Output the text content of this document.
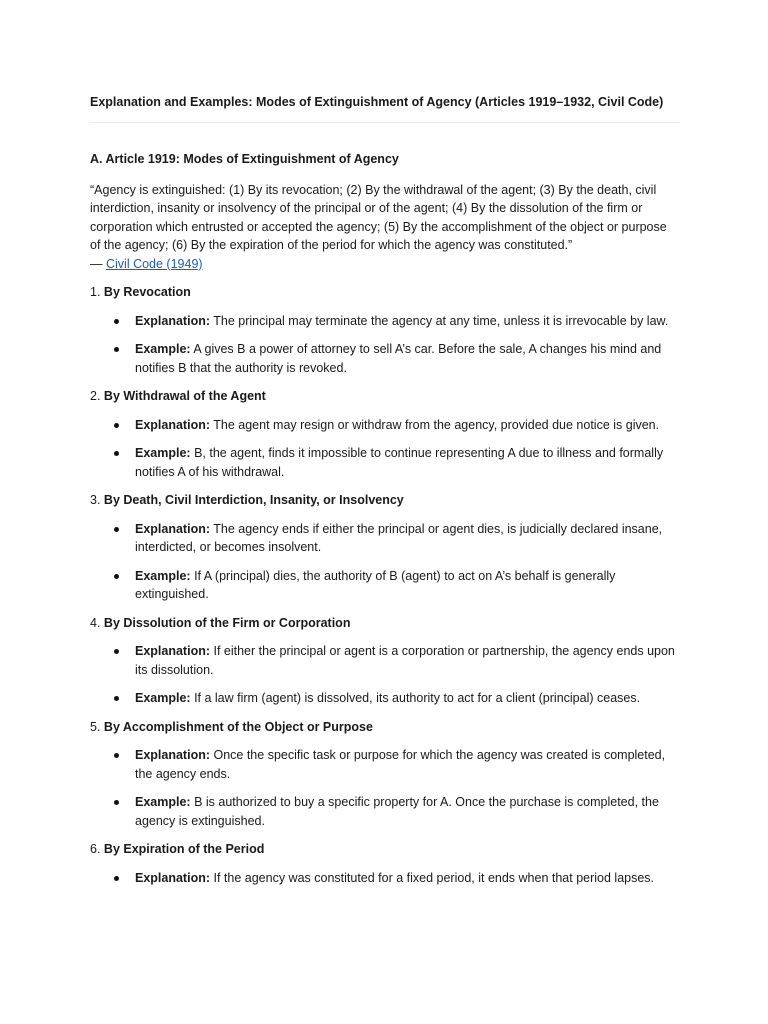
Explanation and Examples: Modes of Extinguishment of Agency (Articles 1919–1932, Civil Code)

A. Article 1919: Modes of Extinguishment of Agency

“Agency is extinguished: (1) By its revocation; (2) By the withdrawal of the agent; (3) By the death, civil interdiction, insanity or insolvency of the principal or of the agent; (4) By the dissolution of the firm or corporation which entrusted or accepted the agency; (5) By the accomplishment of the object or purpose of the agency; (6) By the expiration of the period for which the agency was constituted.”

— Civil Code (1949)

1. By Revocation

Explanation: The principal may terminate the agency at any time, unless it is irrevocable by law.
Example: A gives B a power of attorney to sell A’s car. Before the sale, A changes his mind and notifies B that the authority is revoked.

2. By Withdrawal of the Agent

Explanation: The agent may resign or withdraw from the agency, provided due notice is given.
Example: B, the agent, finds it impossible to continue representing A due to illness and formally notifies A of his withdrawal.

3. By Death, Civil Interdiction, Insanity, or Insolvency

Explanation: The agency ends if either the principal or agent dies, is judicially declared insane, interdicted, or becomes insolvent.
Example: If A (principal) dies, the authority of B (agent) to act on A’s behalf is generally extinguished.

4. By Dissolution of the Firm or Corporation

Explanation: If either the principal or agent is a corporation or partnership, the agency ends upon its dissolution.
Example: If a law firm (agent) is dissolved, its authority to act for a client (principal) ceases.

5. By Accomplishment of the Object or Purpose

Explanation: Once the specific task or purpose for which the agency was created is completed, the agency ends.
Example: B is authorized to buy a specific property for A. Once the purchase is completed, the agency is extinguished.

6. By Expiration of the Period

Explanation: If the agency was constituted for a fixed period, it ends when that period lapses.
